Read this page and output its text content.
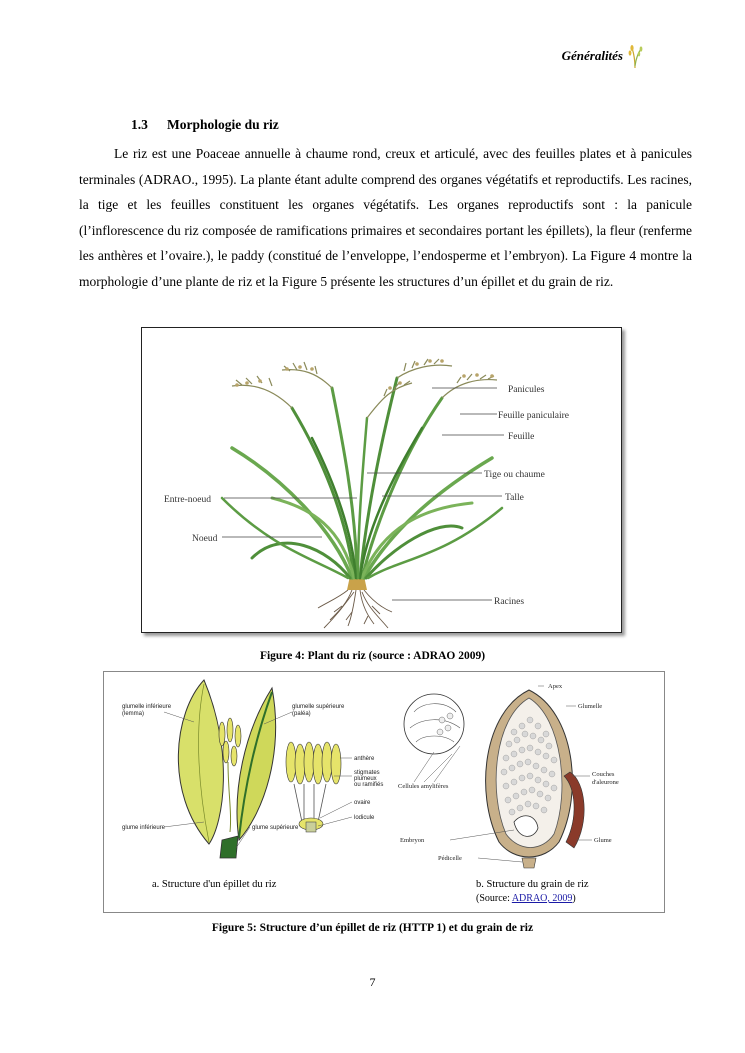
Généralités
1.3 Morphologie du riz
Le riz est une Poaceae annuelle à chaume rond, creux et articulé, avec des feuilles plates et à panicules terminales (ADRAO., 1995). La plante étant adulte comprend des organes végétatifs et reproductifs. Les racines, la tige et les feuilles constituent les organes végétatifs. Les organes reproductifs sont : la panicule (l’inflorescence du riz composée de ramifications primaires et secondaires portant les épillets), la fleur (renferme les anthères et l’ovaire.), le paddy (constitué de l’enveloppe, l’endosperme et l’embryon). La Figure 4 montre la morphologie d’une plante de riz et la Figure 5 présente les structures d’un épillet et du grain de riz.
Panicules
Feuille paniculaire
Feuille
Tige ou chaume
Talle
Entre-noeud
Noeud
Racines
Figure 4: Plant du riz (source : ADRAO 2009)
glumelle inférieure
(lemma)
glumelle supérieure
(paléa)
anthère
stigmates
plumeux
ou ramifiés
ovaire
lodicule
glume inférieure	glume supérieure
Apex
Glumelle
Couches
d'aleurone
Cellules amylifères
Embryon	Glume
Pédicelle
a. Structure d'un épillet du riz	b. Structure du grain de riz
(Source: ADRAO, 2009)
Figure 5: Structure d’un épillet de riz (HTTP 1) et du grain de riz
7
